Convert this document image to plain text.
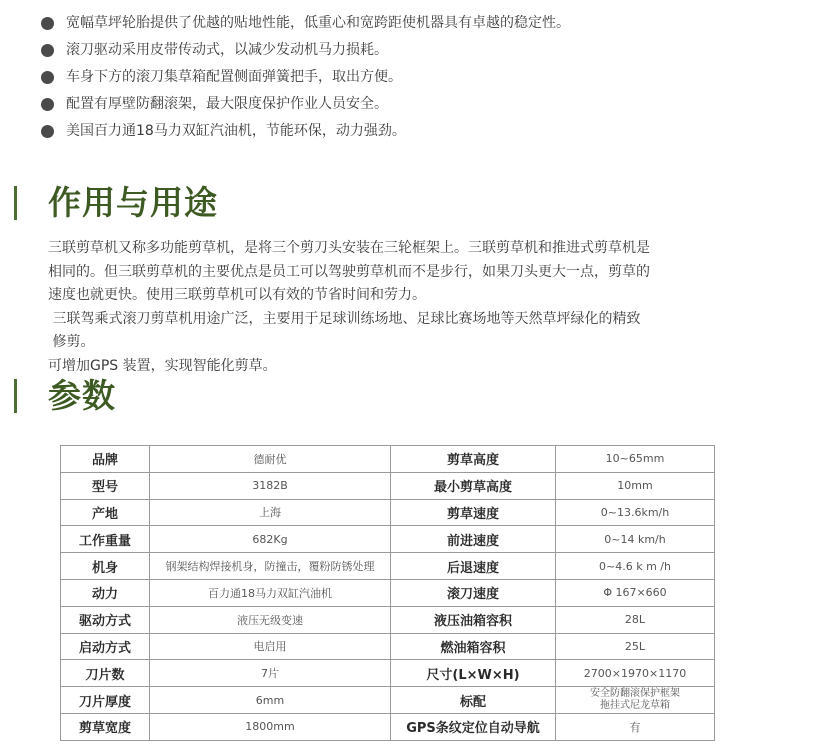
宽幅草坪轮胎提供了优越的贴地性能，低重心和宽跨距使机器具有卓越的稳定性。
滚刀驱动采用皮带传动式，以减少发动机马力损耗。
车身下方的滚刀集草箱配置侧面弹簧把手，取出方便。
配置有厚壁防翻滚架，最大限度保护作业人员安全。
美国百力通18马力双缸汽油机，节能环保，动力强劲。
作用与用途
三联剪草机又称多功能剪草机，是将三个剪刀头安装在三轮框架上。三联剪草机和推进式剪草机是
相同的。但三联剪草机的主要优点是员工可以驾驶剪草机而不是步行，如果刀头更大一点，剪草的
速度也就更快。使用三联剪草机可以有效的节省时间和劳力。
三联驾乘式滚刀剪草机用途广泛，主要用于足球训练场地、足球比赛场地等天然草坪绿化的精致
修剪。
可增加GPS 装置，实现智能化剪草。
参数
品牌	德耐优	剪草高度	10~65mm
型号	3182B	最小剪草高度	10mm
产地	上海	剪草速度	0~13.6km/h
工作重量	682Kg	前进速度	0~14 km/h
机身	钢架结构焊接机身，防撞击，覆粉防锈处理	后退速度	0~4.6 k m /h
动力	百力通18马力双缸汽油机	滚刀速度	Φ 167×660
驱动方式	液压无级变速	液压油箱容积	28L
启动方式	电启用	燃油箱容积	25L
刀片数	7片	尺寸(L×W×H)	2700×1970×1170
刀片厚度	6mm	标配	安全防翻滚保护框架
拖挂式尼龙草箱

剪草宽度	1800mm	GPS条纹定位自动导航	有
